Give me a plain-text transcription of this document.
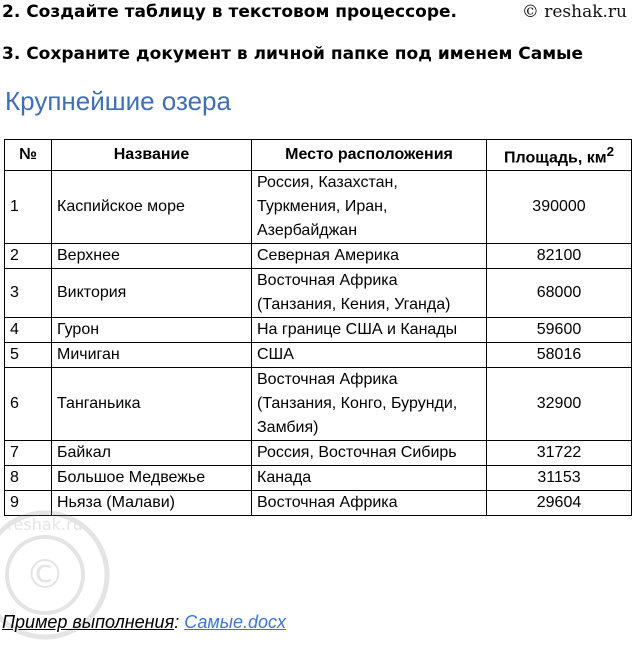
2. Создайте таблицу в текстовом процессоре.	© reshak.ru
3. Сохраните документ в личной папке под именем Самые
Крупнейшие озера
№	Название	Место расположения	Площадь, $км^2$
1	Каспийское море	Россия, Казахстан, Туркмения, Иран, Азербайджан	390000
2	Верхнее	Северная Америка	82100
3	Виктория	Восточная Африка (Танзания, Кения, Уганда)	68000
4	Гурон	На границе США и Канады	59600
5	Мичиган	США	58016
6	Танганьика	Восточная Африка (Танзания, Конго, Бурунди, Замбия)	32900
7	Байкал	Россия, Восточная Сибирь	31722
8	Большое Медвежье	Канада	31153
9	Ньяза (Малави)	Восточная Африка	29604
©
reshak.ru
Пример выполнения: Самые.docx
